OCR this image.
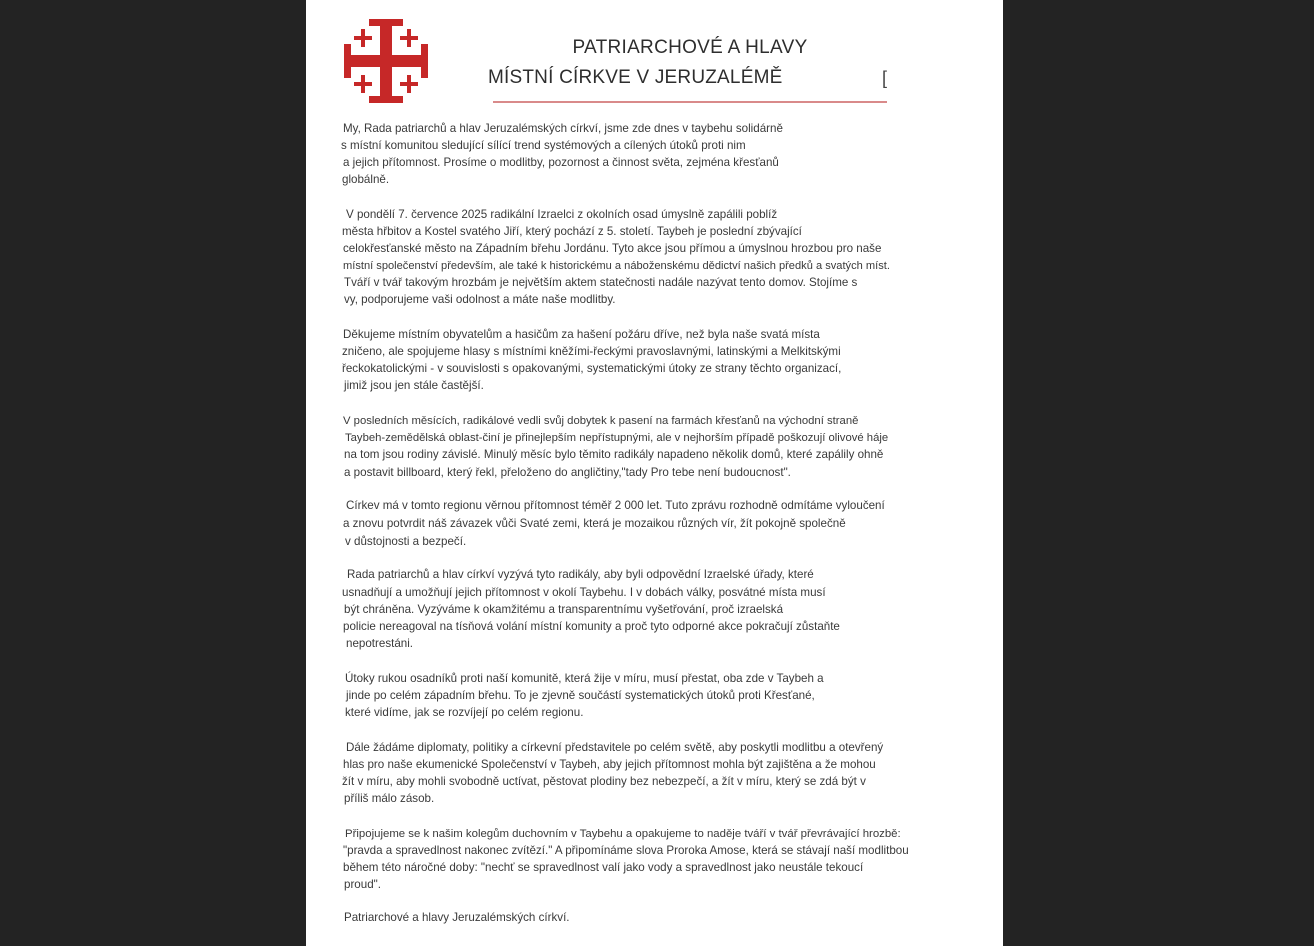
PATRIARCHOVÉ A HLAVY
MÍSTNÍ CÍRKVE V JERUZALÉMĚ	[
My, Rada patriarchů a hlav Jeruzalémských církví, jsme zde dnes v taybehu solidárně
s místní komunitou sledující sílící trend systémových a cílených útoků proti nim
a jejich přítomnost. Prosíme o modlitby, pozornost a činnost světa, zejména křesťanů
globálně.
V pondělí 7. července 2025 radikální Izraelci z okolních osad úmyslně zapálili poblíž
města hřbitov a Kostel svatého Jiří, který pochází z 5. století. Taybeh je poslední zbývající
celokřesťanské město na Západním břehu Jordánu. Tyto akce jsou přímou a úmyslnou hrozbou pro naše
místní společenství především, ale také k historickému a náboženskému dědictví našich předků a svatých míst.
Tváří v tvář takovým hrozbám je největším aktem statečnosti nadále nazývat tento domov. Stojíme s
vy, podporujeme vaši odolnost a máte naše modlitby.
Děkujeme místním obyvatelům a hasičům za hašení požáru dříve, než byla naše svatá místa
zničeno, ale spojujeme hlasy s místními kněžími-řeckými pravoslavnými, latinskými a Melkitskými
řeckokatolickými - v souvislosti s opakovanými, systematickými útoky ze strany těchto organizací,
jimiž jsou jen stále častější.
V posledních měsících, radikálové vedli svůj dobytek k pasení na farmách křesťanů na východní straně
Taybeh-zemědělská oblast-činí je přinejlepším nepřístupnými, ale v nejhorším případě poškozují olivové háje
na tom jsou rodiny závislé. Minulý měsíc bylo těmito radikály napadeno několik domů, které zapálily ohně
a postavit billboard, který řekl, přeloženo do angličtiny,"tady Pro tebe není budoucnost".
Církev má v tomto regionu věrnou přítomnost téměř 2 000 let. Tuto zprávu rozhodně odmítáme vyloučení
a znovu potvrdit náš závazek vůči Svaté zemi, která je mozaikou různých vír, žít pokojně společně
v důstojnosti a bezpečí.
Rada patriarchů a hlav církví vyzývá tyto radikály, aby byli odpovědní Izraelské úřady, které
usnadňují a umožňují jejich přítomnost v okolí Taybehu. I v dobách války, posvátné místa musí
být chráněna. Vyzýváme k okamžitému a transparentnímu vyšetřování, proč izraelská
policie nereagoval na tísňová volání místní komunity a proč tyto odporné akce pokračují zůstaňte
nepotrestáni.
Útoky rukou osadníků proti naší komunitě, která žije v míru, musí přestat, oba zde v Taybeh a
jinde po celém západním břehu. To je zjevně součástí systematických útoků proti Křesťané,
které vidíme, jak se rozvíjejí po celém regionu.
Dále žádáme diplomaty, politiky a církevní představitele po celém světě, aby poskytli modlitbu a otevřený
hlas pro naše ekumenické Společenství v Taybeh, aby jejich přítomnost mohla být zajištěna a že mohou
žít v míru, aby mohli svobodně uctívat, pěstovat plodiny bez nebezpečí, a žít v míru, který se zdá být v
příliš málo zásob.
Připojujeme se k našim kolegům duchovním v Taybehu a opakujeme to naděje tváří v tvář převrávající hrozbě:
"pravda a spravedlnost nakonec zvítězí." A připomínáme slova Proroka Amose, která se stávají naší modlitbou
během této náročné doby: "nechť se spravedlnost valí jako vody a spravedlnost jako neustále tekoucí
proud".
Patriarchové a hlavy Jeruzalémských církví.
